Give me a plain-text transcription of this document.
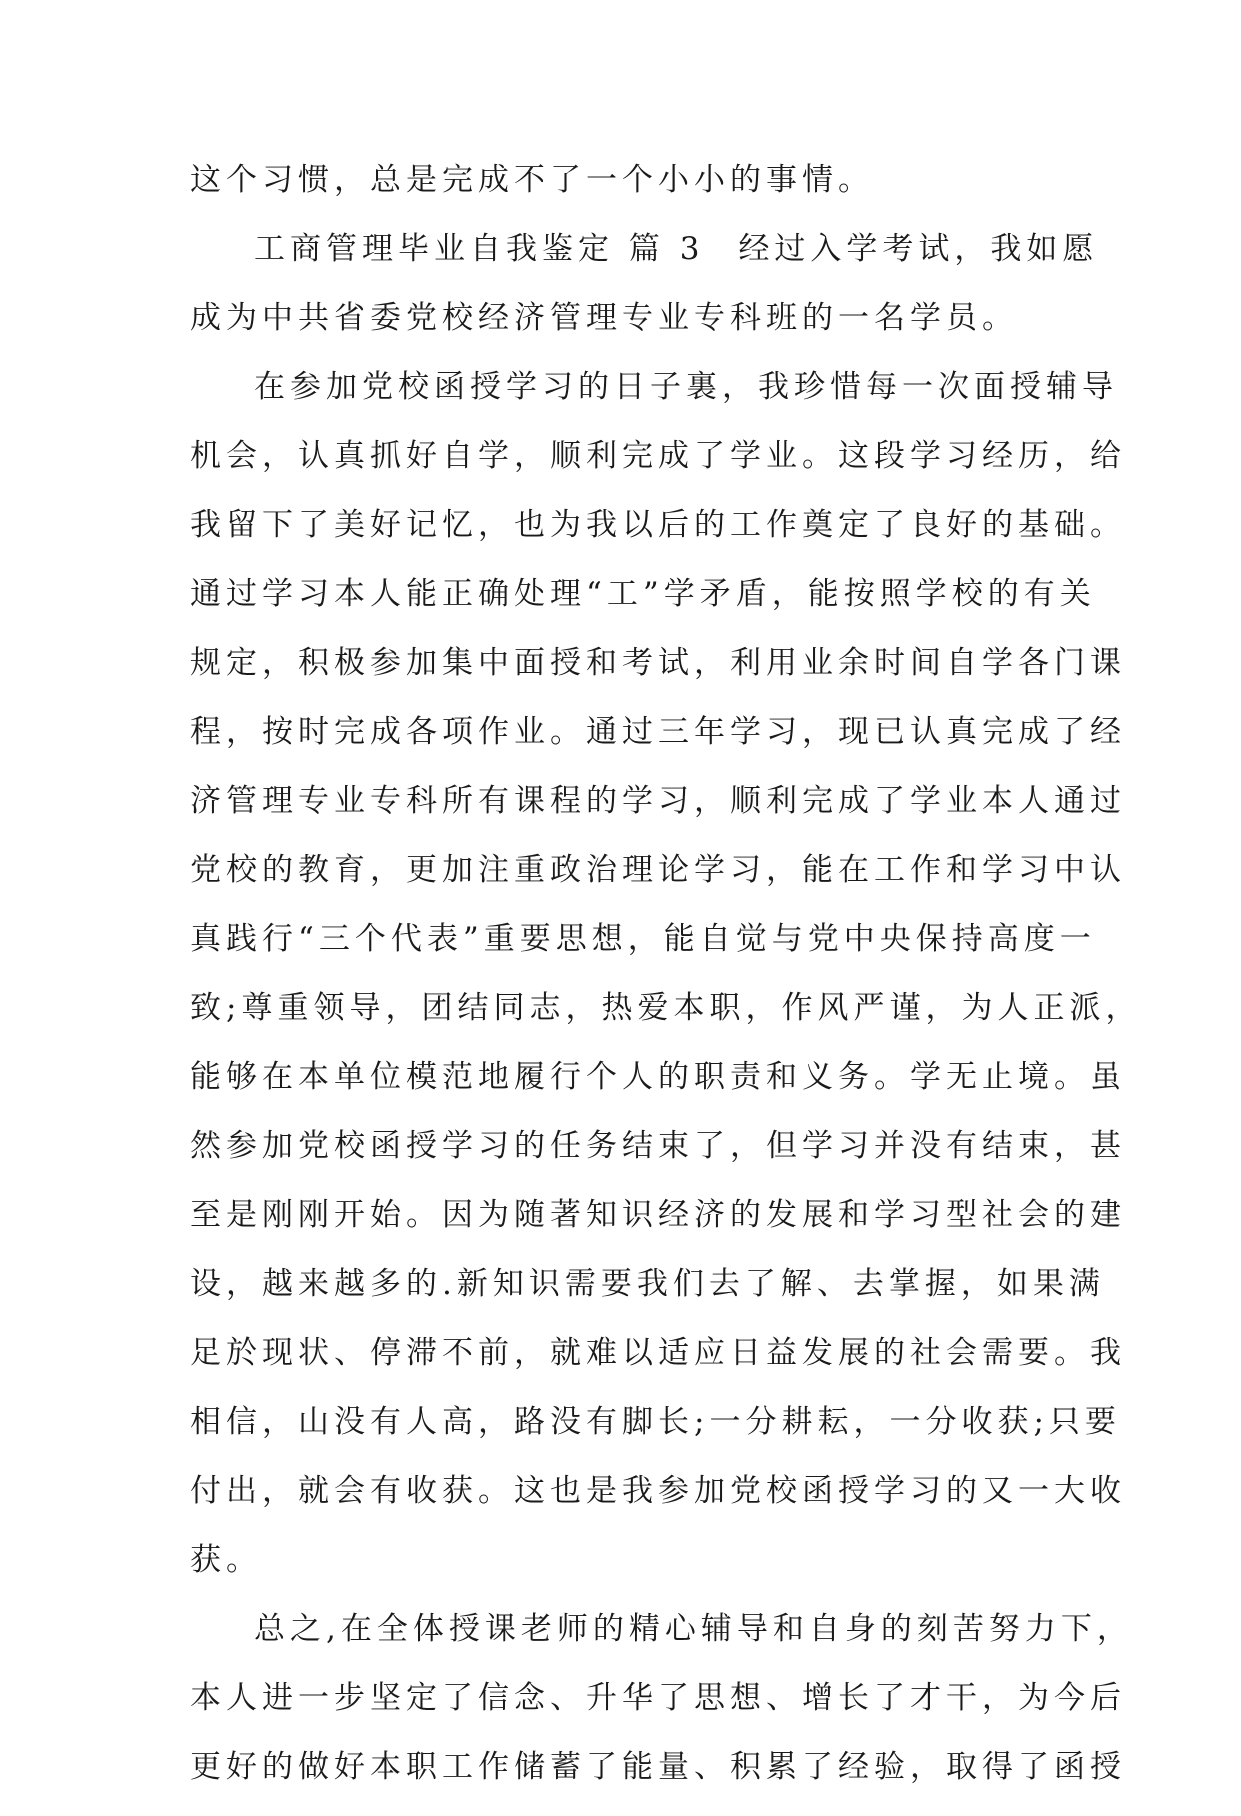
这个习惯，总是完成不了一个小小的事情。
工商管理毕业自我鉴定 篇 3 经过入学考试，我如愿
成为中共省委党校经济管理专业专科班的一名学员。
在参加党校函授学习的日子裏，我珍惜每一次面授辅导
机会，认真抓好自学，顺利完成了学业。这段学习经历，给
我留下了美好记忆，也为我以后的工作奠定了良好的基础。
通过学习本人能正确处理“工”学矛盾，能按照学校的有关
规定，积极参加集中面授和考试，利用业余时间自学各门课
程，按时完成各项作业。通过三年学习，现已认真完成了经
济管理专业专科所有课程的学习，顺利完成了学业本人通过
党校的教育，更加注重政治理论学习，能在工作和学习中认
真践行“三个代表”重要思想，能自觉与党中央保持高度一
致;尊重领导，团结同志，热爱本职，作风严谨，为人正派，
能够在本单位模范地履行个人的职责和义务。学无止境。虽
然参加党校函授学习的任务结束了，但学习并没有结束，甚
至是刚刚开始。因为随著知识经济的发展和学习型社会的建
设，越来越多的.新知识需要我们去了解、去掌握，如果满
足於现状、停滞不前，就难以适应日益发展的社会需要。我
相信，山没有人高，路没有脚长;一分耕耘，一分收获;只要
付出，就会有收获。这也是我参加党校函授学习的又一大收
获。
总之,在全体授课老师的精心辅导和自身的刻苦努力下，
本人进一步坚定了信念、升华了思想、增长了才干，为今后
更好的做好本职工作储蓄了能量、积累了经验，取得了函授
